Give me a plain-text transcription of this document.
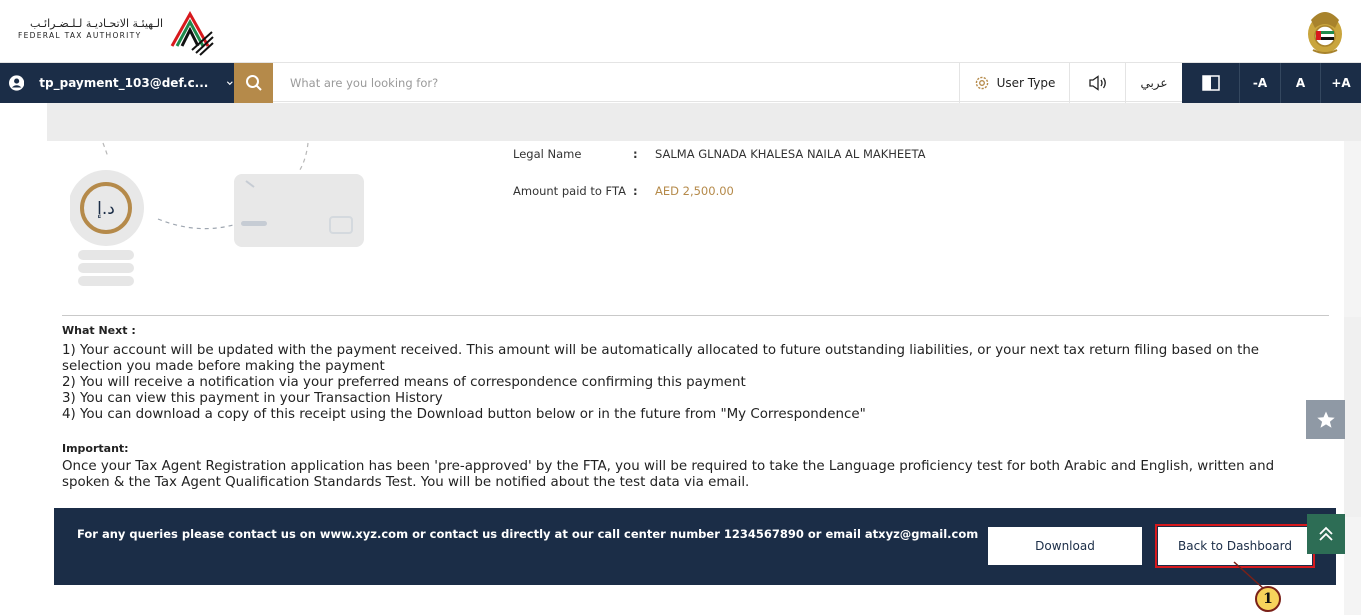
الـهيئـة الاتحـاديـة لـلـضـرائـب
FEDERAL TAX AUTHORITY
tp_payment_103@def.c...
What are you looking for?	User Type	عربي	-A	A	+A
د.إ
Legal Name	:	SALMA GLNADA KHALESA NAILA AL MAKHEETA
Amount paid to FTA :	AED 2,500.00
What Next :
1) Your account will be updated with the payment received. This amount will be automatically allocated to future outstanding liabilities, or your next tax return filing based on the
selection you made before making the payment
2) You will receive a notification via your preferred means of correspondence confirming this payment
3) You can view this payment in your Transaction History
4) You can download a copy of this receipt using the Download button below or in the future from "My Correspondence"
Important:
Once your Tax Agent Registration application has been 'pre-approved' by the FTA, you will be required to take the Language proficiency test for both Arabic and English, written and spoken & the Tax Agent Qualification Standards Test. You will be notified about the test data via email.
For any queries please contact us on www.xyz.com or contact us directly at our call center number 1234567890 or email atxyz@gmail.com
Download	Back to Dashboard
1
